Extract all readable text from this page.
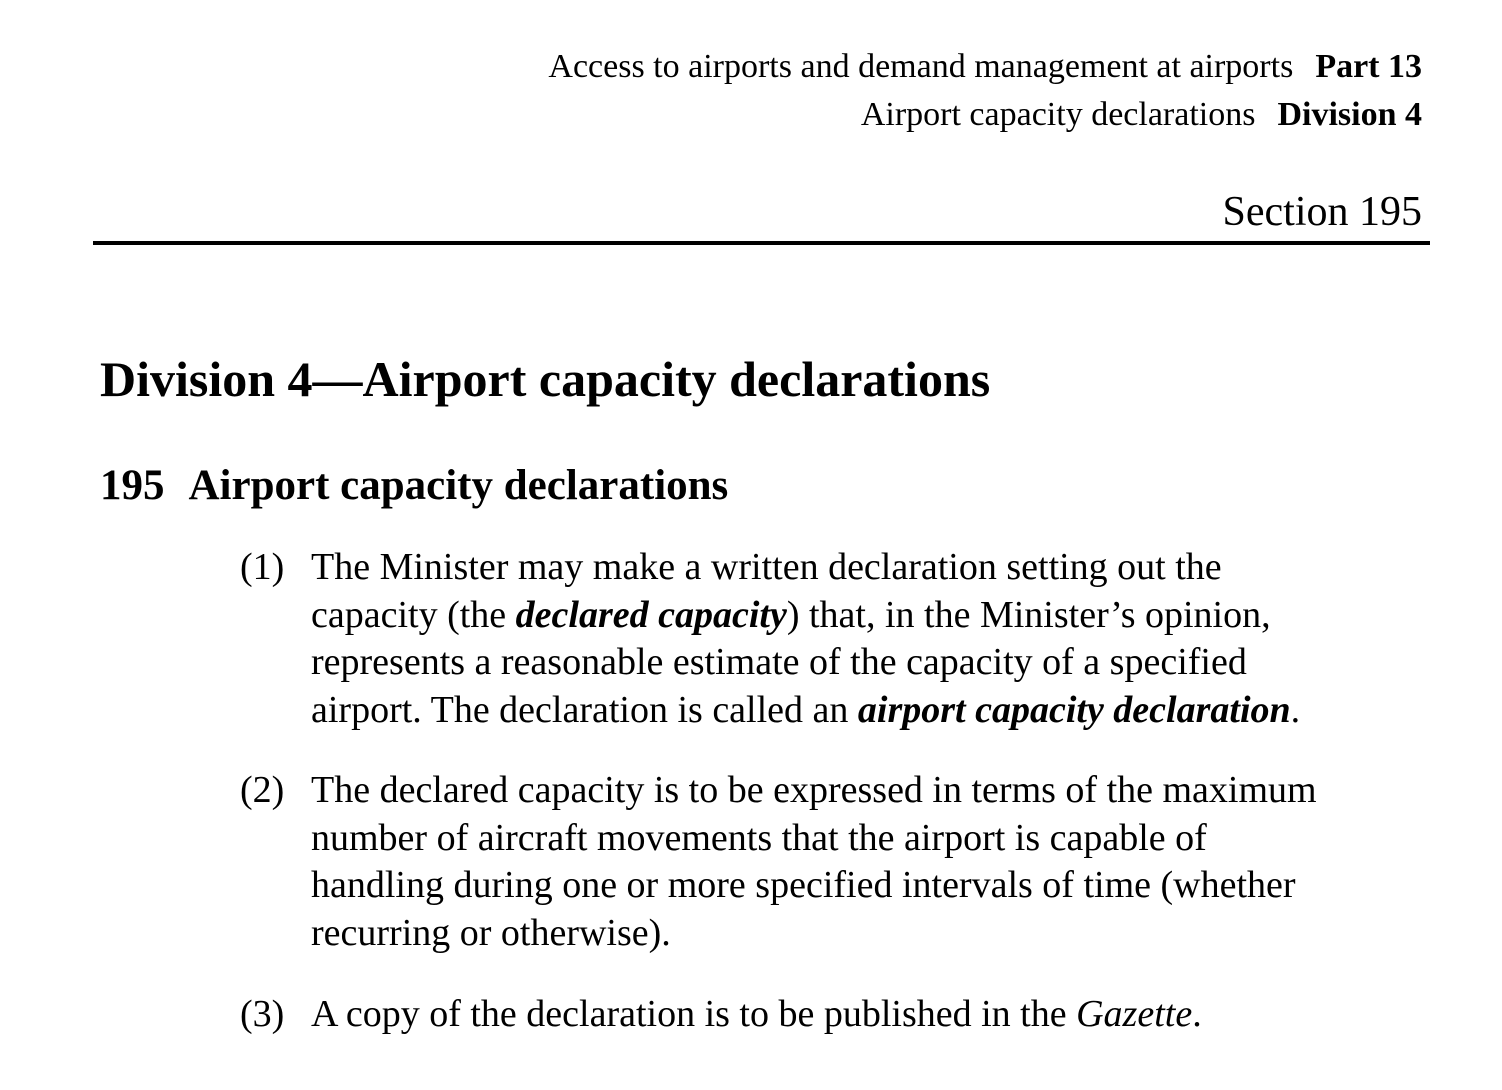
Access to airports and demand management at airports Part 13
Airport capacity declarations Division 4
Section 195
Division 4—Airport capacity declarations
195 Airport capacity declarations
(1) The Minister may make a written declaration setting out the
capacity (the declared capacity) that, in the Minister’s opinion,
represents a reasonable estimate of the capacity of a specified
airport. The declaration is called an airport capacity declaration.
(2) The declared capacity is to be expressed in terms of the maximum
number of aircraft movements that the airport is capable of
handling during one or more specified intervals of time (whether
recurring or otherwise).
(3) A copy of the declaration is to be published in the Gazette.
